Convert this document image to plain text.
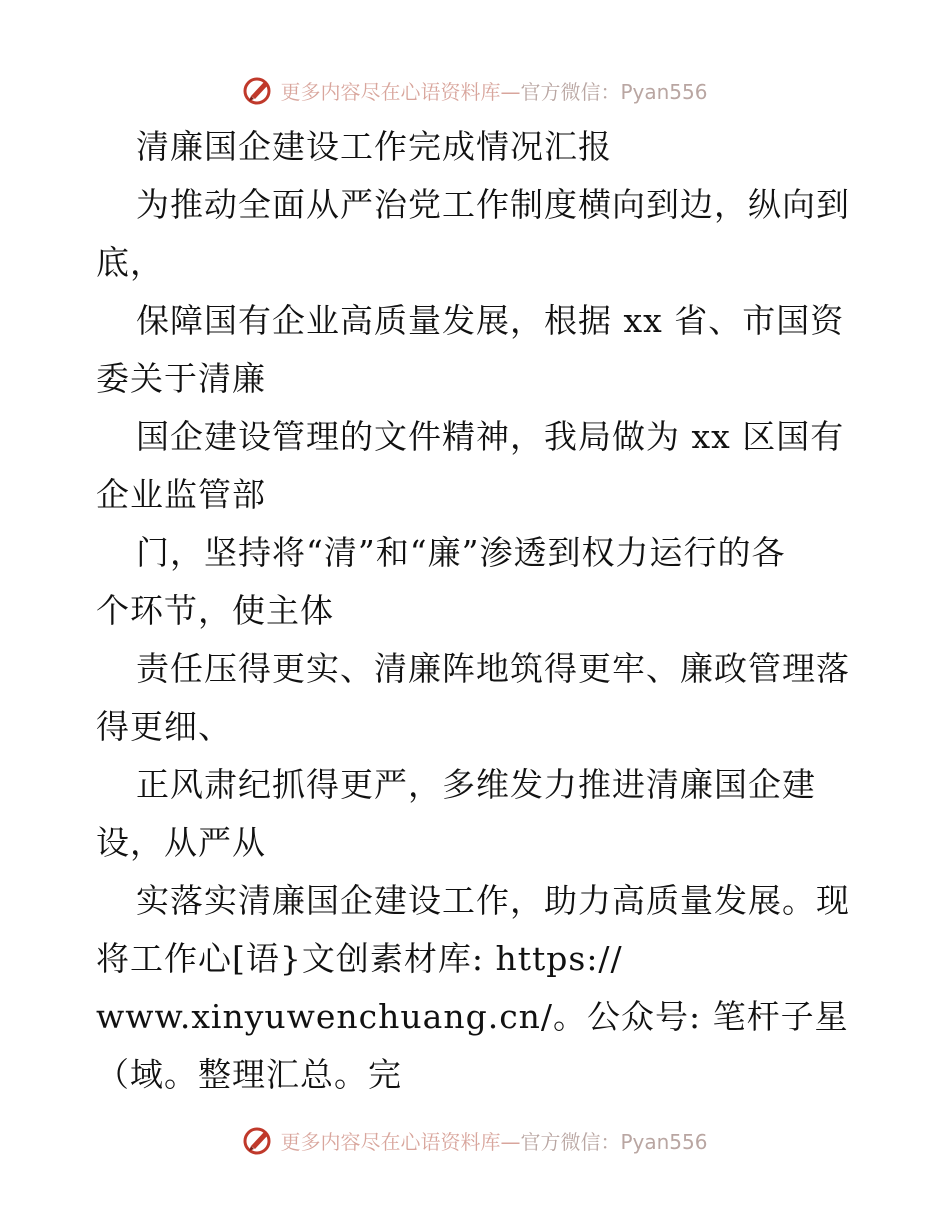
更多内容尽在心语资料库—官方微信：Pyan556
清廉国企建设工作完成情况汇报
为推动全面从严治党工作制度横向到边，纵向到
底，
保障国有企业高质量发展，根据 xx 省、市国资
委关于清廉
国企建设管理的文件精神，我局做为 xx 区国有
企业监管部
门，坚持将“清”和“廉”渗透到权力运行的各
个环节，使主体
责任压得更实、清廉阵地筑得更牢、廉政管理落
得更细、
正风肃纪抓得更严，多维发力推进清廉国企建
设，从严从
实落实清廉国企建设工作，助力高质量发展。现
将工作心[语}文创素材库: https://
www.xinyuwenchuang.cn/。公众号: 笔杆子星
（域。整理汇总。完
更多内容尽在心语资料库—官方微信：Pyan556
